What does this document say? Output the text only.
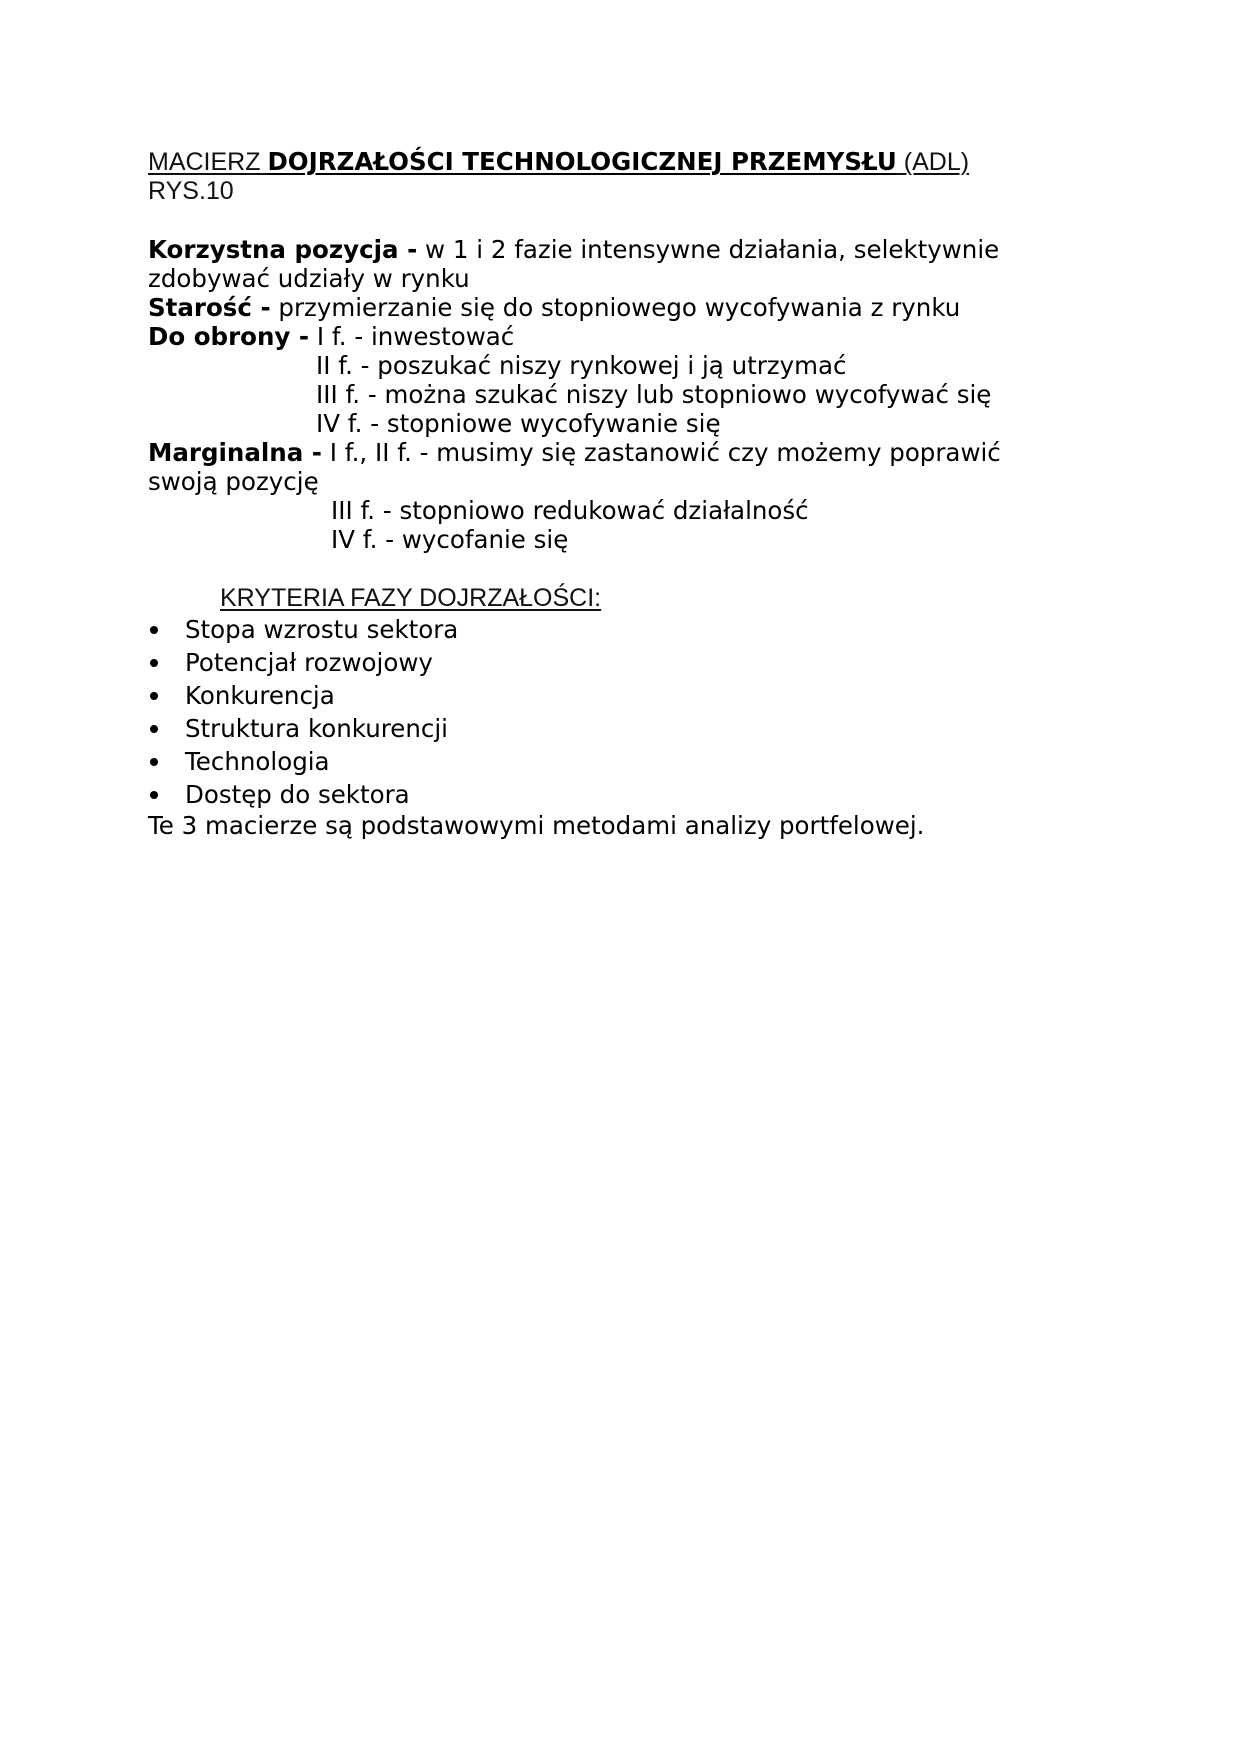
MACIERZ DOJRZAŁOŚCI TECHNOLOGICZNEJ PRZEMYSŁU (ADL)
RYS.10
Korzystna pozycja - w 1 i 2 fazie intensywne działania, selektywnie zdobywać udziały w rynku
Starość - przymierzanie się do stopniowego wycofywania z rynku
Do obrony - I f. - inwestować
II f. - poszukać niszy rynkowej i ją utrzymać
III f. - można szukać niszy lub stopniowo wycofywać się
IV f. - stopniowe wycofywanie się
Marginalna - I f., II f. - musimy się zastanowić czy możemy poprawić swoją pozycję
III f. - stopniowo redukować działalność
IV f. - wycofanie się
KRYTERIA FAZY DOJRZAŁOŚCI:
Stopa wzrostu sektora
Potencjał rozwojowy
Konkurencja
Struktura konkurencji
Technologia
Dostęp do sektora
Te 3 macierze są podstawowymi metodami analizy portfelowej.
